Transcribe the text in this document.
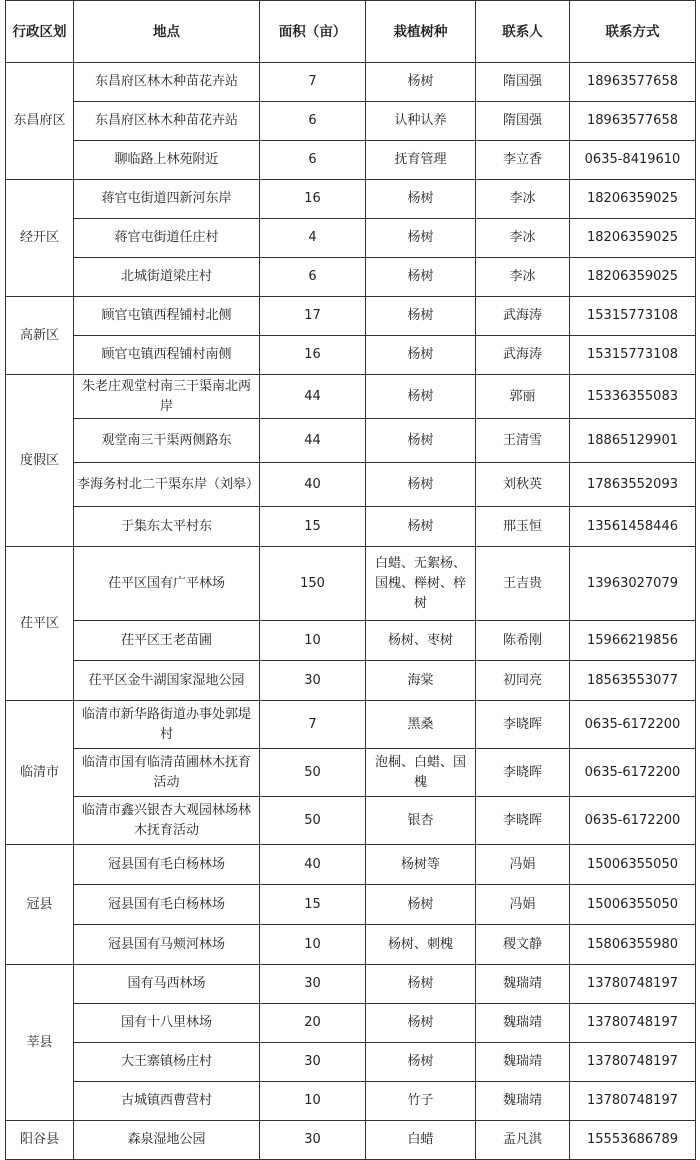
行政区划	地点	面积（亩）	栽植树种	联系人	联系方式
东昌府区	东昌府区林木种苗花卉站	7	杨树	隋国强	18963577658
	东昌府区林木种苗花卉站	6	认种认养	隋国强	18963577658
	聊临路上林苑附近	6	抚育管理	李立香	0635-8419610
经开区	蒋官屯街道四新河东岸	16	杨树	李冰	18206359025
	蒋官屯街道任庄村	4	杨树	李冰	18206359025
	北城街道梁庄村	6	杨树	李冰	18206359025
高新区	顾官屯镇西程铺村北侧	17	杨树	武海涛	15315773108
	顾官屯镇西程铺村南侧	16	杨树	武海涛	15315773108
度假区	朱老庄观堂村南三干渠南北两岸	44	杨树	郭丽	15336355083
	观堂南三干渠两侧路东	44	杨树	王清雪	18865129901
	李海务村北二干渠东岸（刘皋）	40	杨树	刘秋英	17863552093
	于集东太平村东	15	杨树	邢玉恒	13561458446
茌平区	茌平区国有广平林场	150	白蜡、无絮杨、国槐、榉树、梓树	王吉贵	13963027079
	茌平区王老苗圃	10	杨树、枣树	陈希刚	15966219856
	茌平区金牛湖国家湿地公园	30	海棠	初同亮	18563553077
临清市	临清市新华路街道办事处郭堤村	7	黑桑	李晓晖	0635-6172200
	临清市国有临清苗圃林木抚育活动	50	泡桐、白蜡、国槐	李晓晖	0635-6172200
	临清市鑫兴银杏大观园林场林木抚育活动	50	银杏	李晓晖	0635-6172200
冠县	冠县国有毛白杨林场	40	杨树等	冯娟	15006355050
	冠县国有毛白杨林场	15	杨树	冯娟	15006355050
	冠县国有马颊河林场	10	杨树、刺槐	稷文静	15806355980
莘县	国有马西林场	30	杨树	魏瑞靖	13780748197
	国有十八里林场	20	杨树	魏瑞靖	13780748197
	大王寨镇杨庄村	30	杨树	魏瑞靖	13780748197
	古城镇西曹营村	10	竹子	魏瑞靖	13780748197
阳谷县	森泉湿地公园	30	白蜡	孟凡淇	15553686789
